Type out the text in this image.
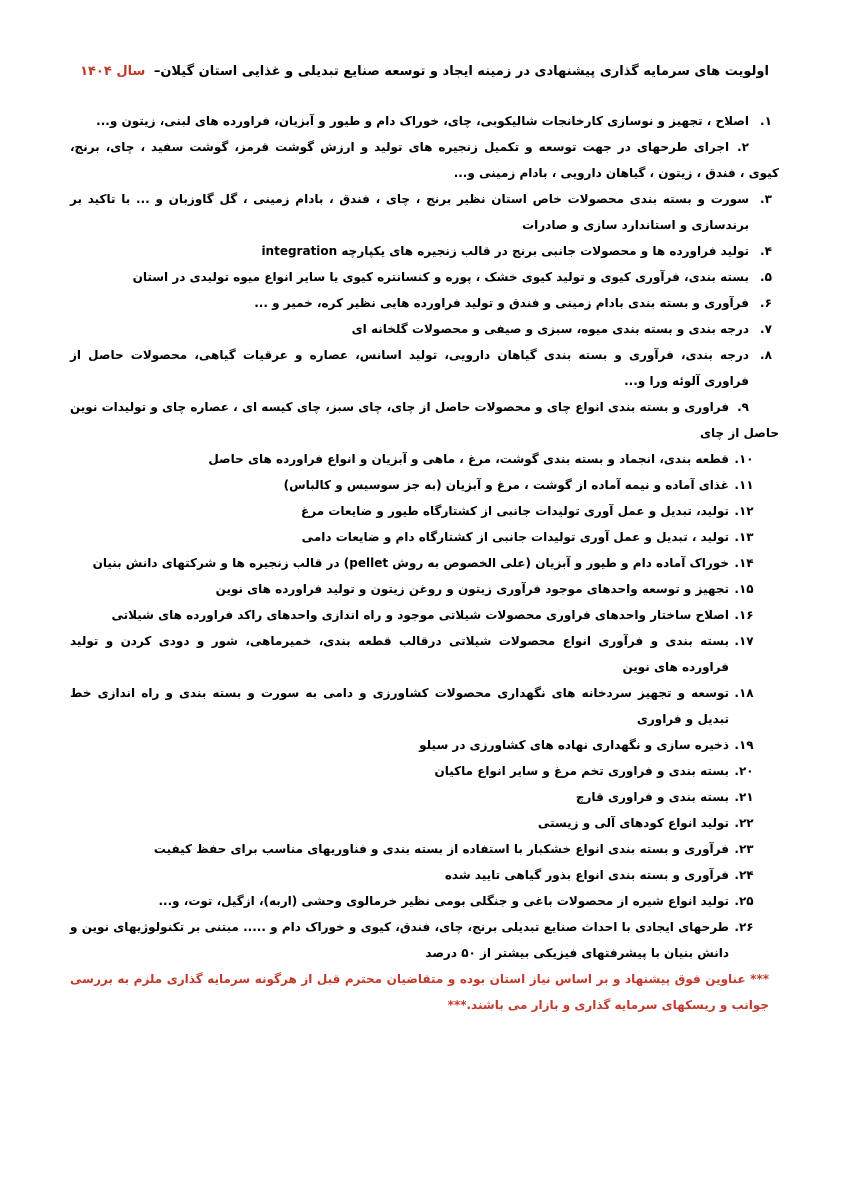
اولویت های سرمایه گذاری پیشنهادی در زمینه ایجاد و توسعه صنایع تبدیلی و غذایی استان گیلان– سال ۱۴۰۴
۱.
اصلاح ، تجهیز و نوسازی کارخانجات شالیکوبی، چای، خوراک دام و طیور و آبزیان، فراورده های لبنی، زیتون و...
۲.اجرای طرحهای در جهت توسعه و تکمیل زنجیره های تولید و ارزش گوشت قرمز، گوشت سفید ، چای، برنج، کیوی ، فندق ، زیتون ، گیاهان دارویی ، بادام زمینی و...
۳.
سورت و بسته بندی محصولات خاص استان نظیر برنج ، چای ، فندق ، بادام زمینی ، گل گاوزبان و ... با تاکید بر برندسازی و استاندارد سازی و صادرات
۴.
تولید فراورده ها و محصولات جانبی برنج در قالب زنجیره های یکپارچه integration
۵.
بسته بندی، فرآوری کیوی و تولید کیوی خشک ، پوره و کنسانتره کیوی یا سایر انواع میوه تولیدی در استان
۶.
فرآوری و بسته بندی بادام زمینی و فندق و تولید فراورده هایی نظیر کره، خمیر و ...
۷.
درجه بندی و بسته بندی میوه، سبزی و صیفی و محصولات گلخانه ای
۸.
درجه بندی، فرآوری و بسته بندی گیاهان دارویی، تولید اسانس، عصاره و عرقیات گیاهی، محصولات حاصل از فراوری آلوئه ورا و...
۹.فراوری و بسته بندی انواع چای و محصولات حاصل از چای، چای سبز، چای کیسه ای ، عصاره چای و تولیدات نوین حاصل از چای
۱۰.
قطعه بندی، انجماد و بسته بندی گوشت، مرغ ، ماهی و آبزیان و انواع فراورده های حاصل
۱۱.
غذای آماده و نیمه آماده از گوشت ، مرغ و آبزیان (به جز سوسیس و کالباس)
۱۲.
تولید، تبدیل و عمل آوری تولیدات جانبی از کشتارگاه طیور و ضایعات مرغ
۱۳.
تولید ، تبدیل و عمل آوری تولیدات جانبی از کشتارگاه دام و ضایعات دامی
۱۴.
خوراک آماده دام و طیور و آبزیان (علی الخصوص به روش pellet) در قالب زنجیره ها و شرکتهای دانش بنیان
۱۵.
تجهیز و توسعه واحدهای موجود فرآوری زیتون و روغن زیتون و تولید فراورده های نوین
۱۶.
اصلاح ساختار واحدهای فراوری محصولات شیلاتی موجود و راه اندازی واحدهای راکد فراورده های شیلاتی
۱۷.
بسته بندی و فرآوری انواع محصولات شیلاتی درقالب قطعه بندی، خمیرماهی، شور و دودی کردن و تولید فراورده های نوین
۱۸.
توسعه و تجهیز سردخانه های نگهداری محصولات کشاورزی و دامی به سورت و بسته بندی و راه اندازی خط تبدیل و فراوری
۱۹.
ذخیره سازی و نگهداری نهاده های کشاورزی در سیلو
۲۰.
بسته بندی و فراوری تخم مرغ و سایر انواع ماکیان
۲۱.
بسته بندی و فراوری قارچ
۲۲.
تولید انواع کودهای آلی و زیستی
۲۳.
فرآوری و بسته بندی انواع خشکبار با استفاده از بسته بندی و فناوریهای مناسب برای حفظ کیفیت
۲۴.
فرآوری و بسته بندی انواع بذور گیاهی تایید شده
۲۵.
تولید انواع شیره از محصولات باغی و جنگلی بومی نظیر خرمالوی وحشی (اربه)، ازگیل، توت، و...
۲۶.
طرحهای ایجادی با احداث صنایع تبدیلی برنج، چای، فندق، کیوی و خوراک دام و ..... مبتنی بر تکنولوژیهای نوین و دانش بنیان با پیشرفتهای فیزیکی بیشتر از ۵۰ درصد
*** عناوین فوق پیشنهاد و بر اساس نیاز استان بوده و متقاضیان محترم قبل از هرگونه سرمایه گذاری ملزم به بررسی جوانب و ریسکهای سرمایه گذاری و بازار می باشند.***
